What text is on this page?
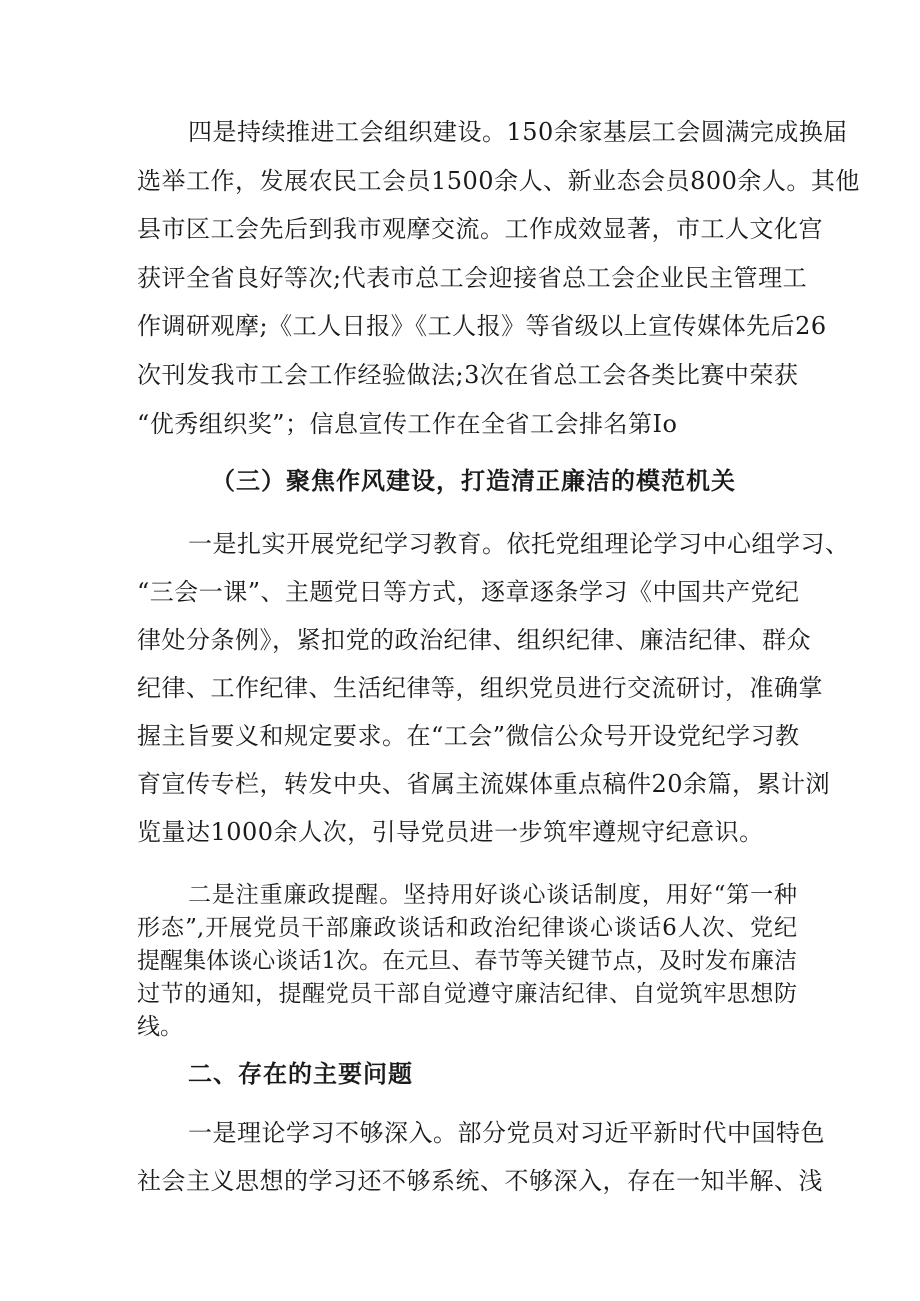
四是持续推进工会组织建设。150余家基层工会圆满完成换届
选举工作，发展农民工会员1500余人、新业态会员800余人。其他
县市区工会先后到我市观摩交流。工作成效显著，市工人文化宫
获评全省良好等次;代表市总工会迎接省总工会企业民主管理工
作调研观摩;《工人日报》《工人报》等省级以上宣传媒体先后26
次刊发我市工会工作经验做法;3次在省总工会各类比赛中荣获
“优秀组织奖”；信息宣传工作在全省工会排名第Io
（三）聚焦作风建设，打造清正廉洁的模范机关
一是扎实开展党纪学习教育。依托党组理论学习中心组学习、
“三会一课”、主题党日等方式，逐章逐条学习《中国共产党纪
律处分条例》，紧扣党的政治纪律、组织纪律、廉洁纪律、群众
纪律、工作纪律、生活纪律等，组织党员进行交流研讨，准确掌
握主旨要义和规定要求。在“工会”微信公众号开设党纪学习教
育宣传专栏，转发中央、省属主流媒体重点稿件20余篇，累计浏
览量达1000余人次，引导党员进一步筑牢遵规守纪意识。
二是注重廉政提醒。坚持用好谈心谈话制度，用好“第一种
形态”,开展党员干部廉政谈话和政治纪律谈心谈话6人次、党纪
提醒集体谈心谈话1次。在元旦、春节等关键节点，及时发布廉洁
过节的通知，提醒党员干部自觉遵守廉洁纪律、自觉筑牢思想防
线。
二、存在的主要问题
一是理论学习不够深入。部分党员对习近平新时代中国特色
社会主义思想的学习还不够系统、不够深入，存在一知半解、浅
